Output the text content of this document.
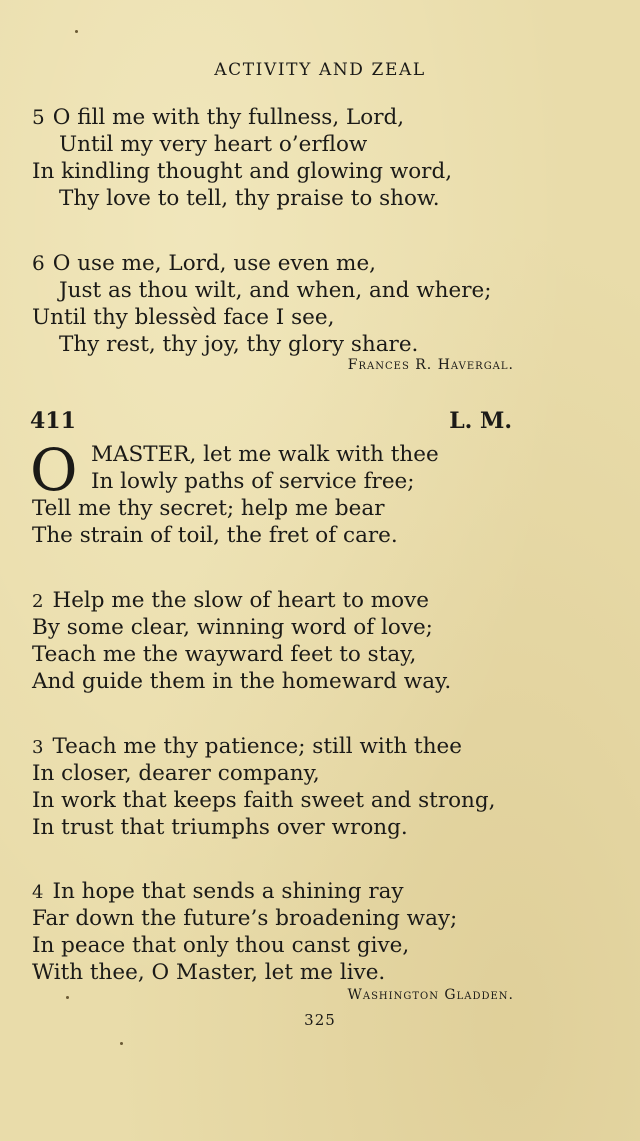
ACTIVITY AND ZEAL
5 O fill me with thy fullness, Lord,
Until my very heart o’erflow
In kindling thought and glowing word,
Thy love to tell, thy praise to show.
6 O use me, Lord, use even me,
Just as thou wilt, and when, and where;
Until thy blessèd face I see,
Thy rest, thy joy, thy glory share.
Frances R. Havergal.
411	L. M.
O MASTER, let me walk with thee
In lowly paths of service free;
Tell me thy secret; help me bear
The strain of toil, the fret of care.
2 Help me the slow of heart to move
By some clear, winning word of love;
Teach me the wayward feet to stay,
And guide them in the homeward way.
3 Teach me thy patience; still with thee
In closer, dearer company,
In work that keeps faith sweet and strong,
In trust that triumphs over wrong.
4 In hope that sends a shining ray
Far down the future’s broadening way;
In peace that only thou canst give,
With thee, O Master, let me live.
Washington Gladden.
325
